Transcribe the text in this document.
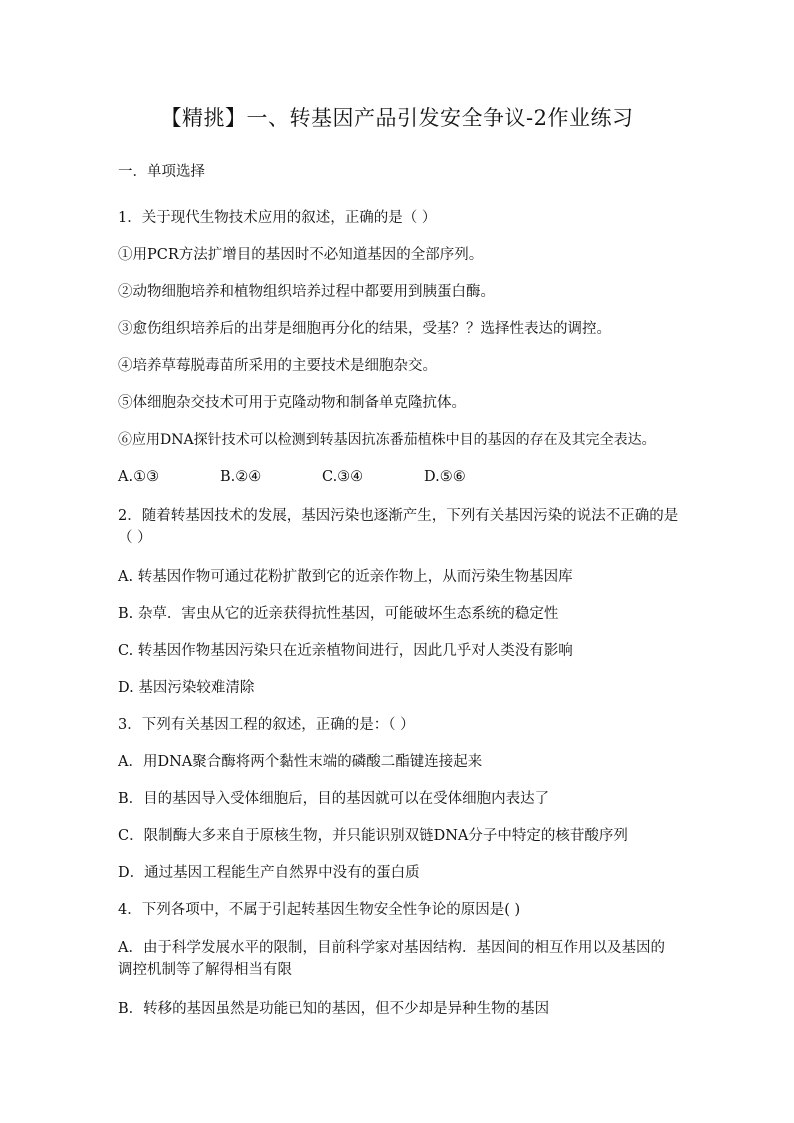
【精挑】一、转基因产品引发安全争议-2作业练习
一．单项选择
1．关于现代生物技术应用的叙述，正确的是（ ）
①用PCR方法扩增目的基因时不必知道基因的全部序列。
②动物细胞培养和植物组织培养过程中都要用到胰蛋白酶。
③愈伤组织培养后的出芽是细胞再分化的结果，受基？？选择性表达的调控。
④培养草莓脱毒苗所采用的主要技术是细胞杂交。
⑤体细胞杂交技术可用于克隆动物和制备单克隆抗体。
⑥应用DNA探针技术可以检测到转基因抗冻番茄植株中目的基因的存在及其完全表达。
A.①③	B.②④	C.③④	D.⑤⑥
2．随着转基因技术的发展，基因污染也逐渐产生，下列有关基因污染的说法不正确的是（ ）
A. 转基因作物可通过花粉扩散到它的近亲作物上，从而污染生物基因库
B. 杂草．害虫从它的近亲获得抗性基因，可能破坏生态系统的稳定性
C. 转基因作物基因污染只在近亲植物间进行，因此几乎对人类没有影响
D. 基因污染较难清除
3．下列有关基因工程的叙述，正确的是：（ ）
A．用DNA聚合酶将两个黏性末端的磷酸二酯键连接起来
B．目的基因导入受体细胞后，目的基因就可以在受体细胞内表达了
C．限制酶大多来自于原核生物，并只能识别双链DNA分子中特定的核苷酸序列
D．通过基因工程能生产自然界中没有的蛋白质
4．下列各项中，不属于引起转基因生物安全性争论的原因是( )
A．由于科学发展水平的限制，目前科学家对基因结构．基因间的相互作用以及基因的调控机制等了解得相当有限
B．转移的基因虽然是功能已知的基因，但不少却是异种生物的基因
